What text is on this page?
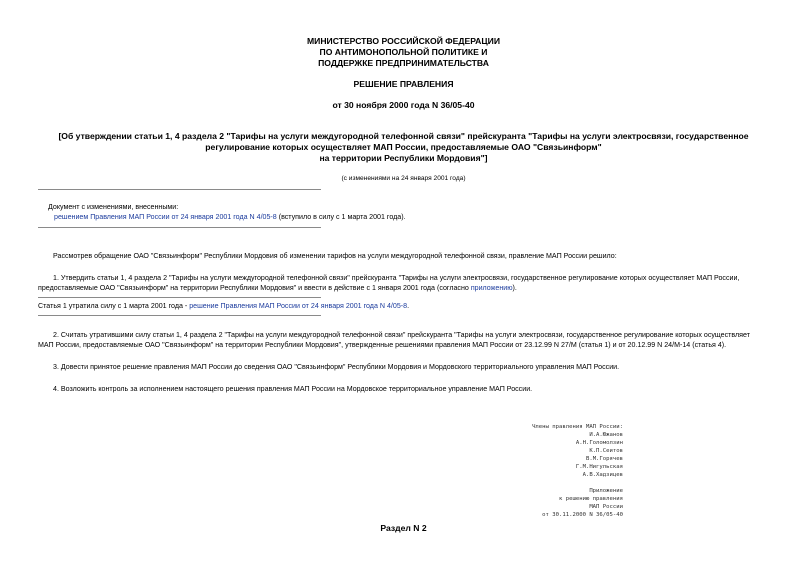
МИНИСТЕРСТВО РОССИЙСКОЙ ФЕДЕРАЦИИ
ПО АНТИМОНОПОЛЬНОЙ ПОЛИТИКЕ И
ПОДДЕРЖКЕ ПРЕДПРИНИМАТЕЛЬСТВА
РЕШЕНИЕ ПРАВЛЕНИЯ
от 30 ноября 2000 года N 36/05-40
[Об утверждении статьи 1, 4 раздела 2 "Тарифы на услуги междугородной телефонной связи" прейскуранта "Тарифы на услуги электросвязи, государственное
регулирование которых осуществляет МАП России, предоставляемые ОАО "Связьинформ"
на территории Республики Мордовия"]
(с изменениями на 24 января 2001 года)
Документ с изменениями, внесенными:
решением Правления МАП России от 24 января 2001 года N 4/05-8 (вступило в силу с 1 марта 2001 года).
Рассмотрев обращение ОАО "Связьинформ" Республики Мордовия об изменении тарифов на услуги междугородной телефонной связи, правление МАП России решило:
1. Утвердить статьи 1, 4 раздела 2 "Тарифы на услуги междугородной телефонной связи" прейскуранта "Тарифы на услуги электросвязи, государственное регулирование которых осуществляет МАП России,
предоставляемые ОАО "Связьинформ" на территории Республики Мордовия" и ввести в действие с 1 января 2001 года (согласно приложению).
Статья 1 утратила силу с 1 марта 2001 года - решение Правления МАП России от 24 января 2001 года N 4/05-8.
2. Считать утратившими силу статьи 1, 4 раздела 2 "Тарифы на услуги междугородной телефонной связи" прейскуранта "Тарифы на услуги электросвязи, государственное регулирование которых осуществляет
МАП России, предоставляемые ОАО "Связьинформ" на территории Республики Мордовия", утвержденные решениями правления МАП России от 23.12.99 N 27/М (статья 1) и от 20.12.99 N 24/М-14 (статья 4).
3. Довести принятое решение правления МАП России до сведения ОАО "Связьинформ" Республики Мордовия и Мордовского территориального управления МАП России.
4. Возложить контроль за исполнением настоящего решения правления МАП России на Мордовское территориальное управление МАП России.
Члены правления МАП России:
И.А.Южанов
А.Н.Голомолзин
К.П.Сеитов
В.М.Горячев
Г.М.Нигульская
А.В.Хадзицев
Приложение
к решению правления
МАП России
от 30.11.2000 N 36/05-40
Раздел N 2
